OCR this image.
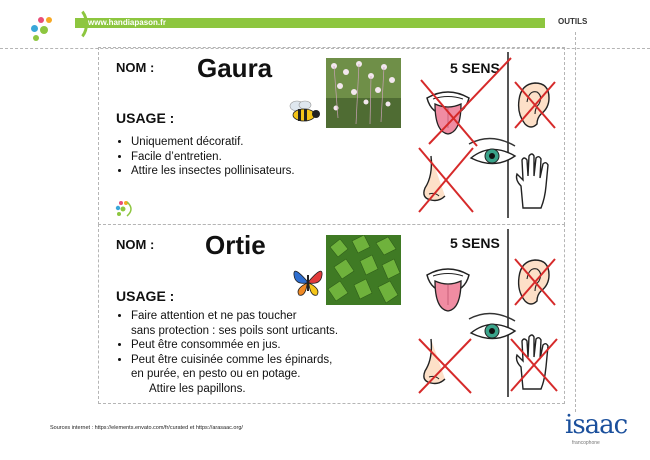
www.handiapason.fr	OUTILS
NOM : Gaura
USAGE :
• Uniquement décoratif.
• Facile d’entretien.
• Attire les insectes pollinisateurs.
5 SENS
NOM : Ortie
USAGE :
• Faire attention et ne pas toucher
sans protection : ses poils sont urticants.
• Peut être consommée en jus.
• Peut être cuisinée comme les épinards,
en purée, en pesto ou en potage.
Attire les papillons.
5 SENS
Sources internet : https://elements.envato.com/fr/curated et https://arasaac.org/	isaac
francophone
